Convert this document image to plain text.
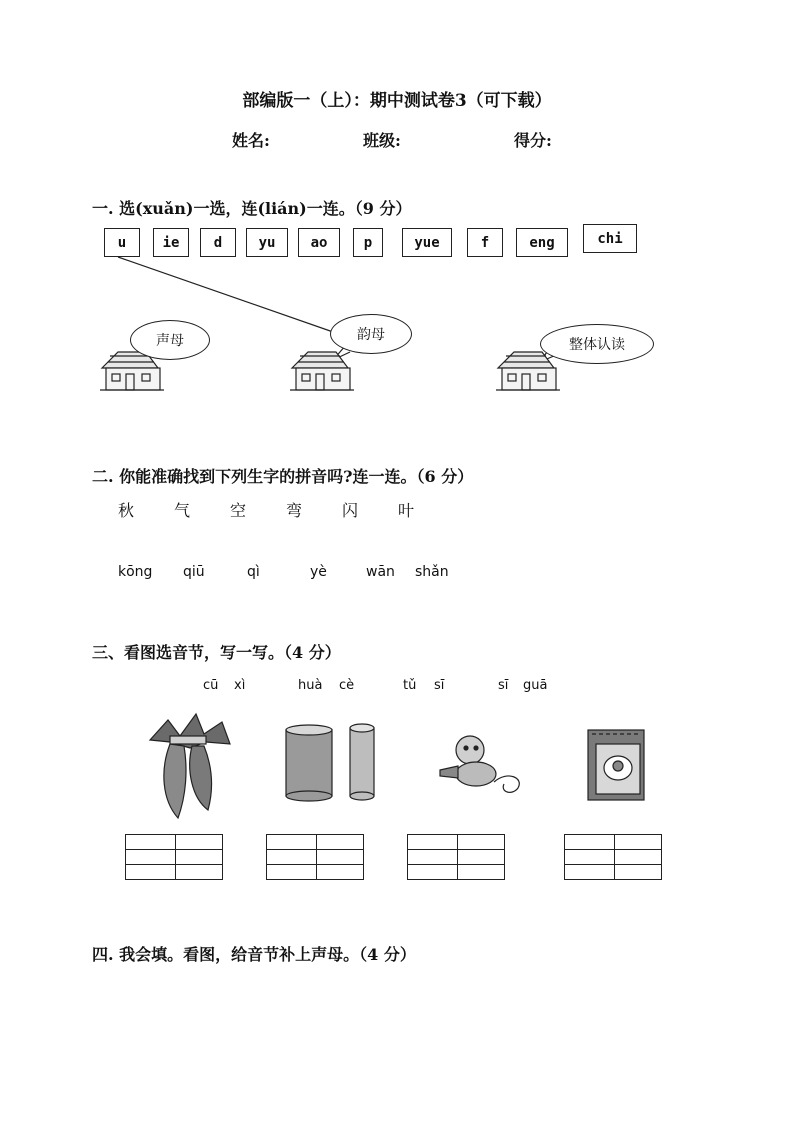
部编版一（上）：期中测试卷3（可下载）
姓名:	班级:	得分:
一. 选(xuǎn)一选，连(lián)一连。（9 分）
u	ie	d	yu	ao	p	yue	f	eng	chi
声母	韵母
整体认读
二. 你能准确找到下列生字的拼音吗?连一连。（6 分）
秋 气 空 弯 闪 叶
kōng qiū	qì	yè	wān shǎn
三、看图选音节，写一写。（4 分）
cū xì	huà cè	tǔ sī	sī guā
四. 我会填。看图，给音节补上声母。（4 分）
